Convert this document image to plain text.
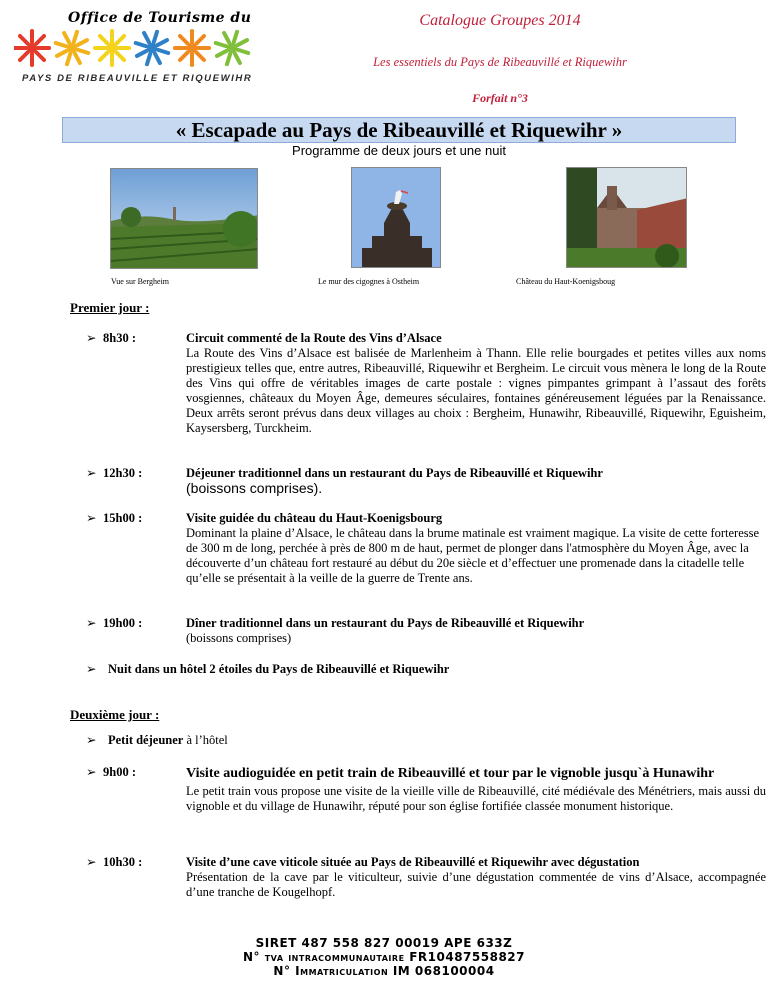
Office de Tourisme du
PAYS DE RIBEAUVILLE ET RIQUEWIHR
Catalogue Groupes 2014
Les essentiels du Pays de Ribeauvillé et Riquewihr
Forfait n°3
« Escapade au Pays de Ribeauvillé et Riquewihr »
Programme de deux jours et une nuit
Vue sur Bergheim	Le mur des cigognes à Ostheim	Château du Haut-Koenigsboug
Premier jour :
➢ 8h30 :	Circuit commenté de la Route des Vins d’Alsace
La Route des Vins d’Alsace est balisée de Marlenheim à Thann. Elle relie bourgades et petites villes aux noms prestigieux telles que, entre autres, Ribeauvillé, Riquewihr et Bergheim. Le circuit vous mènera le long de la Route des Vins qui offre de véritables images de carte postale : vignes pimpantes grimpant à l’assaut des forêts vosgiennes, châteaux du Moyen Âge, demeures séculaires, fontaines généreusement léguées par la Renaissance. Deux arrêts seront prévus dans deux villages au choix : Bergheim, Hunawihr, Ribeauvillé, Riquewihr, Eguisheim, Kaysersberg, Turckheim.
➢ 12h30 :	Déjeuner traditionnel dans un restaurant du Pays de Ribeauvillé et Riquewihr
(boissons comprises).
➢ 15h00 :	Visite guidée du château du Haut-Koenigsbourg
Dominant la plaine d’Alsace, le château dans la brume matinale est vraiment magique. La visite de cette forteresse de 300 m de long, perchée à près de 800 m de haut, permet de plonger dans l'atmosphère du Moyen Âge, avec la découverte d’un château fort restauré au début du 20e siècle et d’effectuer une promenade dans la citadelle telle qu’elle se présentait à la veille de la guerre de Trente ans.
➢ 19h00 :	Dîner traditionnel dans un restaurant du Pays de Ribeauvillé et Riquewihr
(boissons comprises)
➢ Nuit dans un hôtel 2 étoiles du Pays de Ribeauvillé et Riquewihr
Deuxième jour :
➢ Petit déjeuner à l’hôtel
➢ 9h00 :	Visite audioguidée en petit train de Ribeauvillé et tour par le vignoble jusqu`à Hunawihr
Le petit train vous propose une visite de la vieille ville de Ribeauvillé, cité médiévale des Ménétriers, mais aussi du vignoble et du village de Hunawihr, réputé pour son église fortifiée classée monument historique.
➢ 10h30 :	Visite d’une cave viticole située au Pays de Ribeauvillé et Riquewihr avec dégustation
Présentation de la cave par le viticulteur, suivie d’une dégustation commentée de vins d’Alsace, accompagnée d’une tranche de Kougelhopf.
SIRET 487 558 827 00019 APE 633Z
N° tva intracommunautaire FR10487558827
N° Immatriculation IM 068100004
